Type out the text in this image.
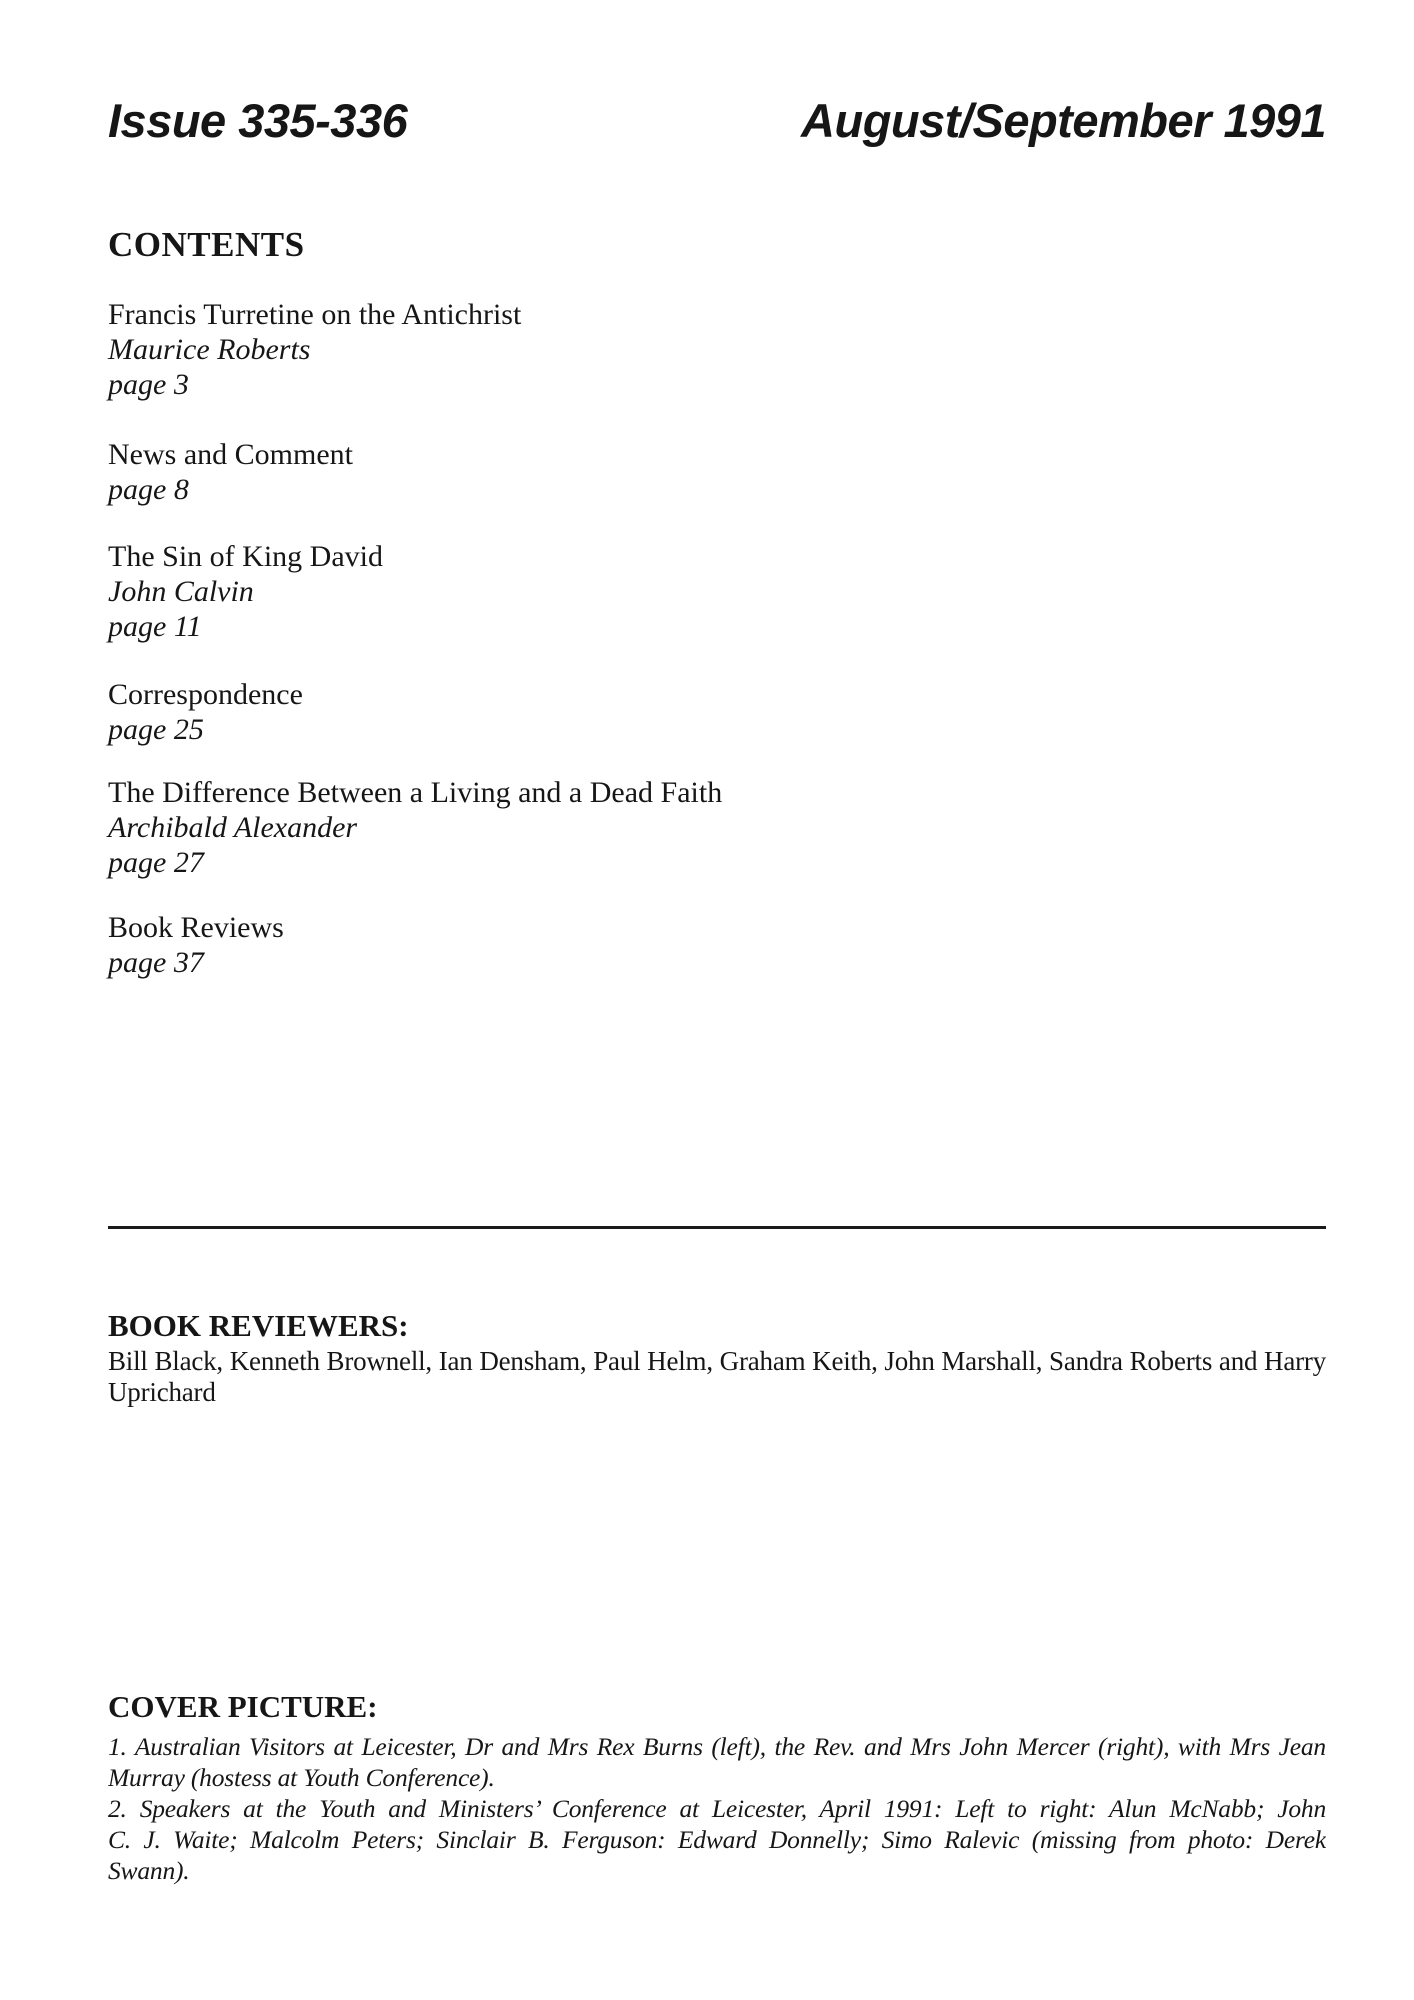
Issue 335-336	August/September 1991
CONTENTS
Francis Turretine on the Antichrist
Maurice Roberts
page 3
News and Comment
page 8
The Sin of King David
John Calvin
page 11
Correspondence
page 25
The Difference Between a Living and a Dead Faith
Archibald Alexander
page 27
Book Reviews
page 37
BOOK REVIEWERS:
Bill Black, Kenneth Brownell, Ian Densham, Paul Helm, Graham Keith, John Marshall, Sandra Roberts and Harry
Uprichard
COVER PICTURE:
1. Australian Visitors at Leicester, Dr and Mrs Rex Burns (left), the Rev. and Mrs John Mercer (right), with Mrs Jean
Murray (hostess at Youth Conference).
2. Speakers at the Youth and Ministers’ Conference at Leicester, April 1991: Left to right: Alun McNabb; John
C. J. Waite; Malcolm Peters; Sinclair B. Ferguson: Edward Donnelly; Simo Ralevic (missing from photo: Derek
Swann).
